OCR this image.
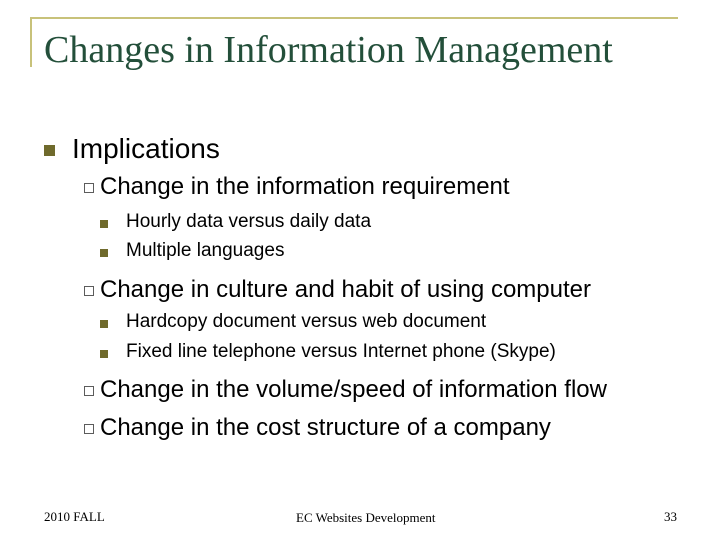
Changes in Information Management
Implications
Change in the information requirement
Hourly data versus daily data
Multiple languages
Change in culture and habit of using computer
Hardcopy document versus web document
Fixed line telephone versus Internet phone (Skype)
Change in the volume/speed of information flow
Change in the cost structure of a company
2010 FALL	EC Websites Development	33
